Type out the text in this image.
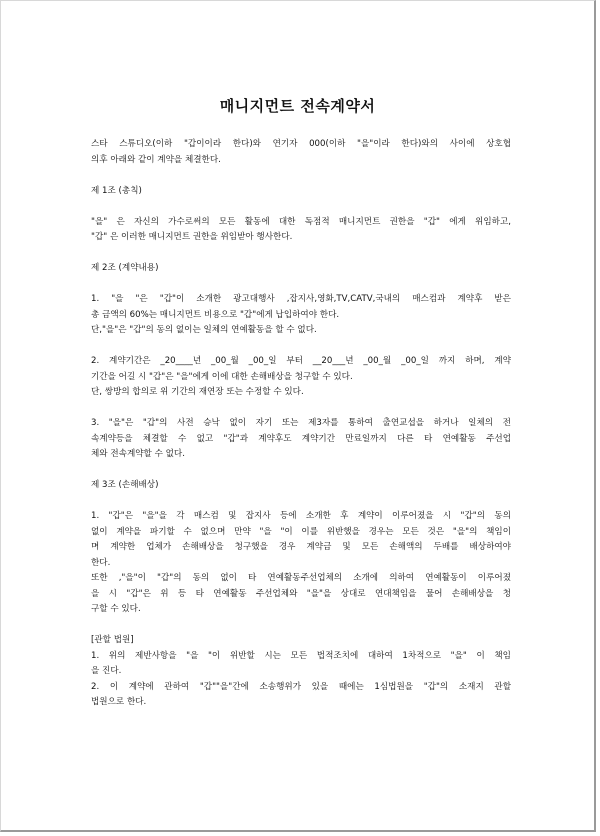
매니지먼트 전속계약서
스타 스튜디오(이하 "갑이이라 한다)와 연기자 000(이하 "을"이라 한다)와의 사이에 상호협
의후 아래와 같이 계약을 체결한다.
제 1조 (총칙)
"을" 은 자신의 가수로써의 모든 활동에 대한 독점적 매니지먼트 권한을 "갑" 에게 위임하고,
"갑" 은 이러한 매니지먼트 권한을 위임받아 행사한다.
제 2조 (계약내용)
1. "을 "은 "갑"이 소개한 광고대행사 ,잡지사,영화,TV,CATV,국내의 매스컴과 계약후 받은
총 금액의 60%는 매니지먼트 비용으로 "갑"에게 납입하여야 한다.
단,"을"은 "갑"의 동의 없이는 일체의 연예활동을 할 수 없다.
2. 계약기간은 _20____년 _00_월 _00_일 부터 __20___년 _00_월 _00_일 까지 하며, 계약
기간을 어길 시 "갑"은 "을"에게 이에 대한 손해배상을 청구할 수 있다.
단, 쌍방의 합의로 위 기간의 재연장 또는 수정할 수 있다.
3. "을"은 "갑"의 사전 승낙 없이 자기 또는 제3자를 통하여 출연교섭을 하거나 일체의 전
속계약등을 체결할 수 없고 "갑"과 계약후도 계약기간 만료일까지 다른 타 연예활동 주선업
체와 전속계약할 수 없다.
제 3조 (손해배상)
1. "갑"은 "을"을 각 매스컴 및 잡지사 등에 소개한 후 계약이 이루어졌을 시 "갑"의 동의
없이 계약을 파기할 수 없으며 만약 "을 "이 이를 위반했을 경우는 모든 것은 "을"의 책임이
며 계약한 업체가 손해배상을 청구했을 경우 계약금 및 모든 손해액의 두배를 배상하여야
한다.
또한 ,"을"이 "갑"의 동의 없이 타 연예활동주선업체의 소개에 의하여 연예활동이 이루어졌
을 시 "갑"은 위 등 타 연예활동 주선업체와 "을"을 상대로 연대책임을 물어 손해배상을 청
구할 수 있다.
[관할 법원]
1. 위의 제반사항을 "을 "이 위반할 시는 모든 법적조치에 대하여 1차적으로 "을" 이 책임
을 진다.
2. 이 계약에 관하여 "갑""을"간에 소송행위가 있을 때에는 1심법원을 "갑"의 소재지 관할
법원으로 한다.
